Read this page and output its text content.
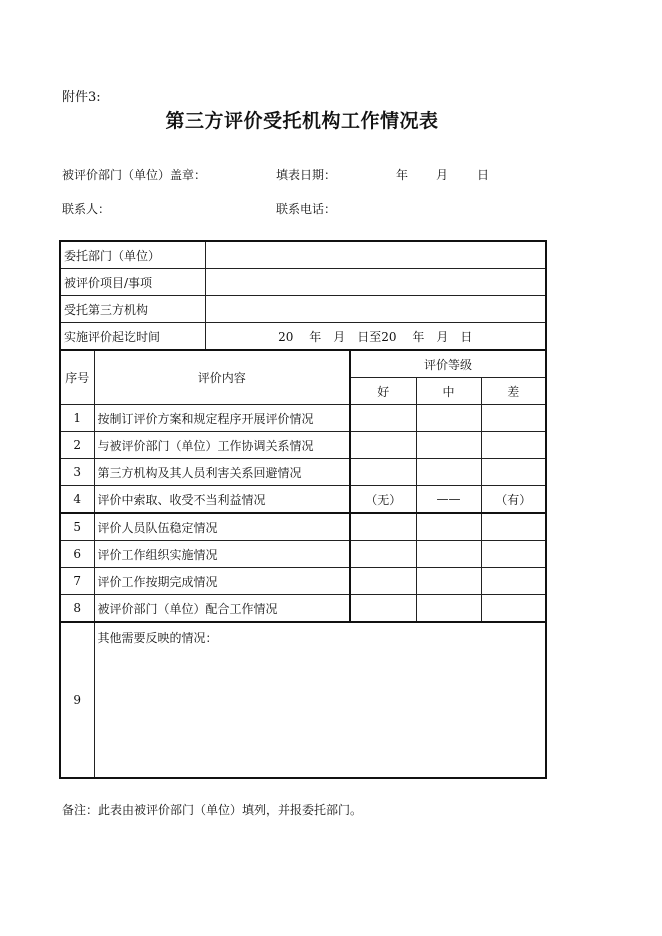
附件3:
第三方评价受托机构工作情况表
被评价部门（单位）盖章：	填表日期：	年 月 日
联系人：	联系电话：
委托部门（单位）					
被评价项目/事项					
受托第三方机构					
实施评价起讫时间		20　 年　月　日至20　 年　月　日			
序号	评价内容		评价等级		
			好	中	差
1	按制订评价方案和规定程序开展评价情况				
2	与被评价部门（单位）工作协调关系情况				
3	第三方机构及其人员利害关系回避情况				
4	评价中索取、收受不当利益情况		（无）	——	（有）
5	评价人员队伍稳定情况				
6	评价工作组织实施情况				
7	评价工作按期完成情况				
8	被评价部门（单位）配合工作情况				
9	其他需要反映的情况：				
备注：此表由被评价部门（单位）填列，并报委托部门。
